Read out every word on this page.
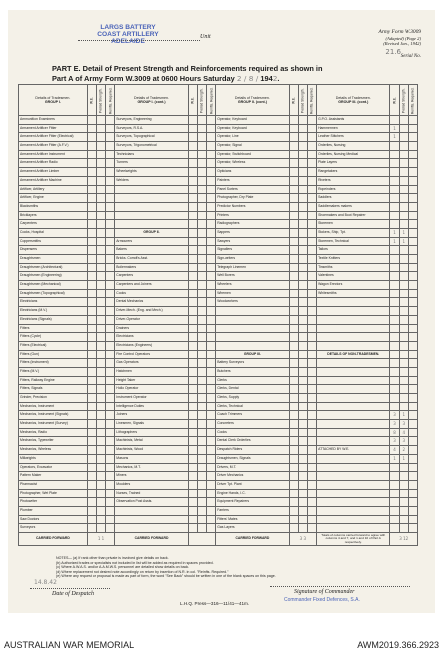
LARGS BATTERY
COAST ARTILLERY
ADELAIDE
Unit
Army Form W.3009
(Adapted) (Page 2)
(Revised Jan., 1942)
21.6
Serial No.
PART E. Detail of Present Strength and Reinforcements required as shown in
Part A of Army Form W.3009 at 0600 Hours Saturday 2 / 8 / 1942.
Details of Tradesmen.
GROUP I.	W.E.	Posted Strength.	Reinfts. Required.	Details of Tradesmen.
GROUP I. (cont.)	W.E.	Posted Strength.	Reinfts. Required.	Details of Tradesmen.
GROUP II. (cont.)	W.E.	Posted Strength.	Reinfts. Required.	Details of Tradesmen.
GROUP III. (cont.)	W.E.	Posted Strength.	Reinfts. Required.
Ammunition Examiners				Surveyors, Engineering				Operator, Keyboard				G.P.O. Assistants			
Armament Artificer Fitter				Surveyors, R.S.A.				Operator, Keyboard				Hammermen	1		
Armament Artificer Fitter (Electrical)				Surveyors, Topographical				Operator, Line				Leather Stitchers	1		
Armament Artificer Fitter (A.F.V.)				Surveyors, Trigonometrical				Operator, Signal				Orderlies, Nursing			
Armament Artificer Instrument				Technicians				Operator, Switchboard				Orderlies, Nursing Medical			
Armament Artificer Radio				Turners				Operator, Wireless				Plate Layers			
Armament Artificer Limber				Wheelwrights				Opticians				Rangetakers			
Armament Artificer Machine				Welders				Painters				Riveters			
Artificer, Artillery								Panel Sorters				Ropeinders			
Artificer, Engine								Photographer, Dry Plate				Saddlers			
Blacksmiths								Predictor Numbers				Saddlemakers makers			
Bricklayers								Printers				Shoemakers and Boot Repairer			
Carpenters								Radiographers				Storemen			
Cooks, Hospital				GROUP II.				Sappers				Stokers, Ship, Tpt.	1	1	
Coppersmiths				Armourers				Sawyers				Storemen, Technical	1	1	
Dispensers				Bakers				Signallers				Tailors			
Draughtsmen				Bricks. Comdt's Asst.				Sign-writers				Textile Knitters			
Draughtsmen (Architectural)				Boilermakers				Telegraph Linemen				Tinsmiths			
Draughtsmen (Engineering)				Carpenters				Well Borers				Valentines			
Draughtsmen (Mechanical)				Carpenters and Joiners				Wheelers				Wagon Erectors			
Draughtsmen (Topographical)				Cooks				Wiremen				Whitesmiths			
Electricians				Dental Mechanics				Woodworkers							
Electricians (M.V.)				Driver-Mech. (Eng. and Mech.)											
Electricians (Signals)				Driver-Operator											
Fitters				Drainers											
Fitters (Cycle)				Electricians											
Fitters (Electrical)				Electricians (Engineers)											
Fitters (Gun)				Fire Control Operators				GROUP III.				DETAILS OF NON-TRADESMEN.			
Fitters (Instrument)				Gas Operators				Battery Surveyors							
Fitters (M.V.)				Hatchmen				Butchers							
Fitters, Railway Engine				Height Taker				Clerks							
Fitters, Signals				Hollo Operator				Clerks, Dental							
Grinder, Precision				Instrument Operator				Clerks, Supply							
Mechanics, Instrument				Intelligence Duties				Clerks, Technical							
Mechanics, Instrument (Signals)				Joiners				Coach Trimmers					3	1	
Mechanics, Instrument (Survey)				Linesmen, Signals				Concreters					3	3	
Mechanics, Radio				Lithographers				Cooks					8	4	
Mechanics, Typewriter				Machinists, Metal				Dental Clerk Orderlies					3	3	
Mechanics, Wireless				Machinists, Wood				Despatch Riders				ATTACHED BY W.E.	4	2	
Millwrights				Masons				Draughtsmen, Signals					1	1	
Operators, Excavator				Mechanics, M.T.				Drivers, M.T.							
Pattern Maker				Miners				Driver Mechanics							
Pharmacist				Moulders				Driver Tpt. Plant							
Photographer, Wet Plate				Nurses, Trained				Engine Hands, I.C.							
Photowriter				Observation Post Assts.				Equipment Repairers							
Plumber								Farriers							
Saw Doctors								Fitters' Mates							
Surveyors								Gas Layers							
CARRIED FORWARD	1 1			CARRIED FORWARD				CARRIED FORWARD	3 3			Totals of columns carried forward to agree with columns 4 and 7, and 1 and 10 of Part A respectively.	3 12		
NOTES— (a) If rank other than private is involved give details on back.
(b) Authorized trades or specialists not included in list will be added as required in spaces provided.
(c) Where A.W.A.S. and/or A.A.M.W.S. personnel are detailed show details on back.
(d) Where replacement not desired note accordingly on return by insertion of N.R. in col. "Reinfts. Required."
(e) Where any request or proposal is made as part of form, the word "See Back" should be written in one of the blank spaces on this page.
14.8.42
Date of Despatch	Signature of Commander
Commander Fixed Defences, S.A.
L.H.Q. Press—316—11/41—41m.
AUSTRALIAN WAR MEMORIAL	AWM2019.366.2923
